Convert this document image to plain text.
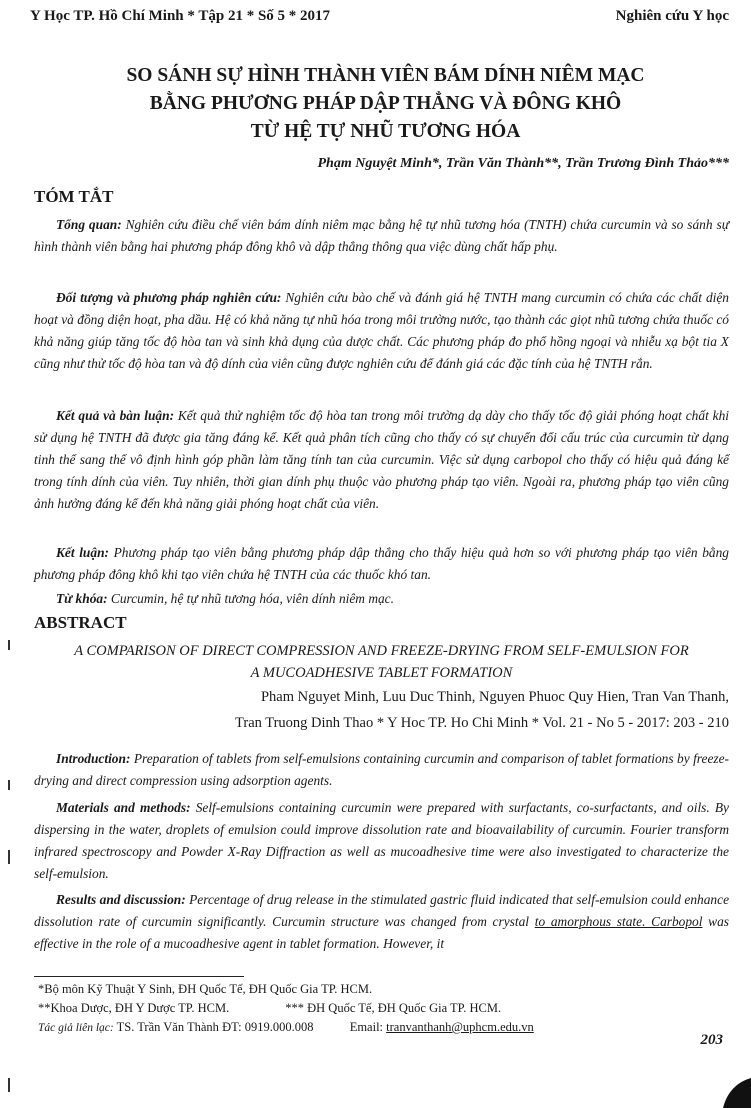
Y Học TP. Hồ Chí Minh * Tập 21 * Số 5 * 2017	Nghiên cứu Y học
SO SÁNH SỰ HÌNH THÀNH VIÊN BÁM DÍNH NIÊM MẠC
BẰNG PHƯƠNG PHÁP DẬP THẲNG VÀ ĐÔNG KHÔ
TỪ HỆ TỰ NHŨ TƯƠNG HÓA
Phạm Nguyệt Minh*, Trần Văn Thành**, Trần Trương Đình Thảo***
TÓM TẮT
Tổng quan: Nghiên cứu điều chế viên bám dính niêm mạc bằng hệ tự nhũ tương hóa (TNTH) chứa curcumin và so sánh sự hình thành viên bằng hai phương pháp đông khô và dập thẳng thông qua việc dùng chất hấp phụ.
Đối tượng và phương pháp nghiên cứu: Nghiên cứu bào chế và đánh giá hệ TNTH mang curcumin có chứa các chất diện hoạt và đồng diện hoạt, pha dầu. Hệ có khả năng tự nhũ hóa trong môi trường nước, tạo thành các giọt nhũ tương chứa thuốc có khả năng giúp tăng tốc độ hòa tan và sinh khả dụng của dược chất. Các phương pháp đo phổ hồng ngoại và nhiễu xạ bột tia X cũng như thử tốc độ hòa tan và độ dính của viên cũng được nghiên cứu để đánh giá các đặc tính của hệ TNTH rắn.
Kết quả và bàn luận: Kết quả thử nghiệm tốc độ hòa tan trong môi trường dạ dày cho thấy tốc độ giải phóng hoạt chất khi sử dụng hệ TNTH đã được gia tăng đáng kể. Kết quả phân tích cũng cho thấy có sự chuyển đổi cấu trúc của curcumin từ dạng tinh thể sang thể vô định hình góp phần làm tăng tính tan của curcumin. Việc sử dụng carbopol cho thấy có hiệu quả đáng kể trong tính dính của viên. Tuy nhiên, thời gian dính phụ thuộc vào phương pháp tạo viên. Ngoài ra, phương pháp tạo viên cũng ảnh hưởng đáng kể đến khả năng giải phóng hoạt chất của viên.
Kết luận: Phương pháp tạo viên bằng phương pháp dập thẳng cho thấy hiệu quả hơn so với phương pháp tạo viên bằng phương pháp đông khô khi tạo viên chứa hệ TNTH của các thuốc khó tan.
Từ khóa: Curcumin, hệ tự nhũ tương hóa, viên dính niêm mạc.
ABSTRACT
A COMPARISON OF DIRECT COMPRESSION AND FREEZE-DRYING FROM SELF-EMULSION FOR
A MUCOADHESIVE TABLET FORMATION
Pham Nguyet Minh, Luu Duc Thinh, Nguyen Phuoc Quy Hien, Tran Van Thanh,
Tran Truong Dinh Thao * Y Hoc TP. Ho Chi Minh * Vol. 21 - No 5 - 2017: 203 - 210
Introduction: Preparation of tablets from self-emulsions containing curcumin and comparison of tablet formations by freeze-drying and direct compression using adsorption agents.
Materials and methods: Self-emulsions containing curcumin were prepared with surfactants, co-surfactants, and oils. By dispersing in the water, droplets of emulsion could improve dissolution rate and bioavailability of curcumin. Fourier transform infrared spectroscopy and Powder X-Ray Diffraction as well as mucoadhesive time were also investigated to characterize the self-emulsion.
Results and discussion: Percentage of drug release in the stimulated gastric fluid indicated that self-emulsion could enhance dissolution rate of curcumin significantly. Curcumin structure was changed from crystal to amorphous state. Carbopol was effective in the role of a mucoadhesive agent in tablet formation. However, it
*Bộ môn Kỹ Thuật Y Sinh, ĐH Quốc Tế, ĐH Quốc Gia TP. HCM.
**Khoa Dược, ĐH Y Dược TP. HCM.	*** ĐH Quốc Tế, ĐH Quốc Gia TP. HCM.
Tác giả liên lạc: TS. Trần Văn Thành ĐT: 0919.000.008	Email: tranvanthanh@uphcm.edu.vn
203
